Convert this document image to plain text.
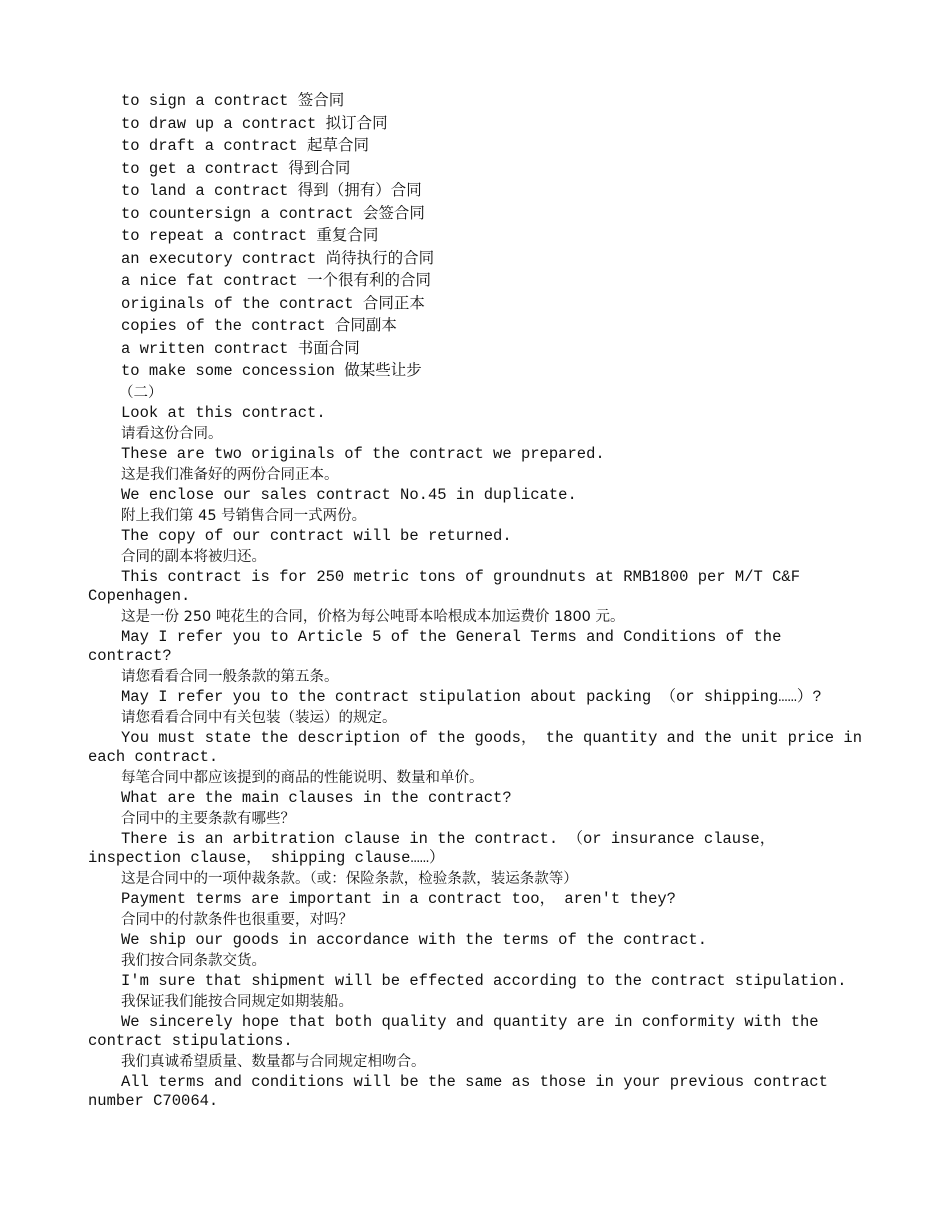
to sign a contract 签合同

to draw up a contract 拟订合同

to draft a contract 起草合同

to get a contract 得到合同

to land a contract 得到（拥有）合同

to countersign a contract 会签合同

to repeat a contract 重复合同

an executory contract 尚待执行的合同

a nice fat contract 一个很有利的合同

originals of the contract 合同正本

copies of the contract 合同副本

a written contract 书面合同

to make some concession 做某些让步

（二）

Look at this contract.

请看这份合同。

These are two originals of the contract we prepared.

这是我们准备好的两份合同正本。

We enclose our sales contract No.45 in duplicate.

附上我们第 45 号销售合同一式两份。

The copy of our contract will be returned.

合同的副本将被归还。

This contract is for 250 metric tons of groundnuts at RMB1800 per M/T C&F Copenhagen.

这是一份 250 吨花生的合同，价格为每公吨哥本哈根成本加运费价 1800 元。

May I refer you to Article 5 of the General Terms and Conditions of the contract?

请您看看合同一般条款的第五条。

May I refer you to the contract stipulation about packing （or shipping……）?

请您看看合同中有关包装（装运）的规定。

You must state the description of the goods， the quantity and the unit price in each contract.

每笔合同中都应该提到的商品的性能说明、数量和单价。

What are the main clauses in the contract?

合同中的主要条款有哪些？

There is an arbitration clause in the contract. （or insurance clause， inspection clause， shipping clause……）

这是合同中的一项仲裁条款。（或：保险条款，检验条款，装运条款等）

Payment terms are important in a contract too， aren't they?

合同中的付款条件也很重要，对吗？

We ship our goods in accordance with the terms of the contract.

我们按合同条款交货。

I'm sure that shipment will be effected according to the contract stipulation.

我保证我们能按合同规定如期装船。

We sincerely hope that both quality and quantity are in conformity with the contract stipulations.

我们真诚希望质量、数量都与合同规定相吻合。

All terms and conditions will be the same as those in your previous contract number C70064.
